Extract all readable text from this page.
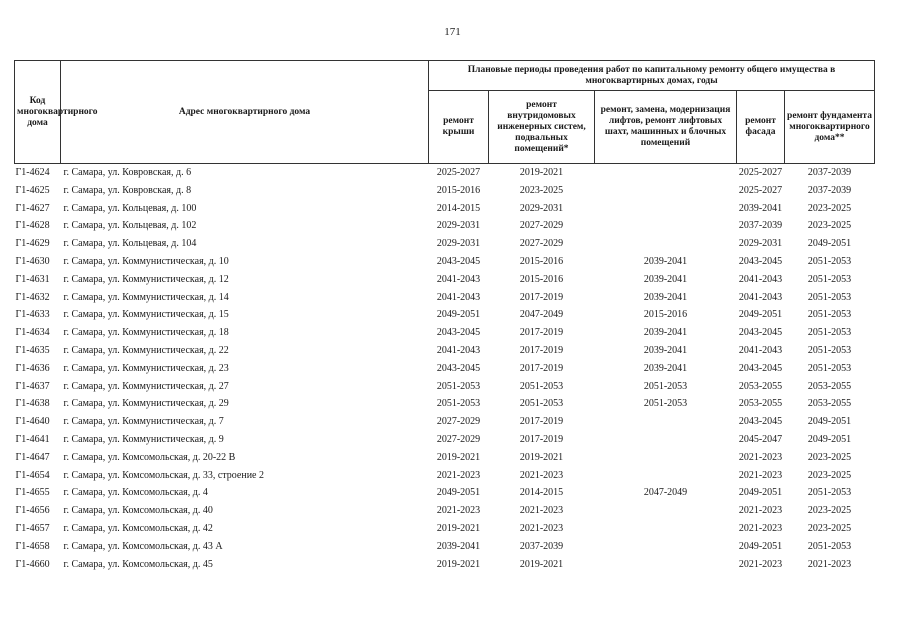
171
Код многоквартирного дома	Адрес многоквартирного дома	Плановые периоды проведения работ по капитальному ремонту общего имущества в многоквартирных домах, годы				
		ремонт крыши	ремонт внутридомовых инженерных систем, подвальных помещений*	ремонт, замена, модернизация лифтов, ремонт лифтовых шахт, машинных и блочных помещений	ремонт фасада	ремонт фундамента многоквартирного дома**
Г1-4624	г. Самара, ул. Ковровская, д. 6	2025-2027	2019-2021		2025-2027	2037-2039
Г1-4625	г. Самара, ул. Ковровская, д. 8	2015-2016	2023-2025		2025-2027	2037-2039
Г1-4627	г. Самара, ул. Кольцевая, д. 100	2014-2015	2029-2031		2039-2041	2023-2025
Г1-4628	г. Самара, ул. Кольцевая, д. 102	2029-2031	2027-2029		2037-2039	2023-2025
Г1-4629	г. Самара, ул. Кольцевая, д. 104	2029-2031	2027-2029		2029-2031	2049-2051
Г1-4630	г. Самара, ул. Коммунистическая, д. 10	2043-2045	2015-2016	2039-2041	2043-2045	2051-2053
Г1-4631	г. Самара, ул. Коммунистическая, д. 12	2041-2043	2015-2016	2039-2041	2041-2043	2051-2053
Г1-4632	г. Самара, ул. Коммунистическая, д. 14	2041-2043	2017-2019	2039-2041	2041-2043	2051-2053
Г1-4633	г. Самара, ул. Коммунистическая, д. 15	2049-2051	2047-2049	2015-2016	2049-2051	2051-2053
Г1-4634	г. Самара, ул. Коммунистическая, д. 18	2043-2045	2017-2019	2039-2041	2043-2045	2051-2053
Г1-4635	г. Самара, ул. Коммунистическая, д. 22	2041-2043	2017-2019	2039-2041	2041-2043	2051-2053
Г1-4636	г. Самара, ул. Коммунистическая, д. 23	2043-2045	2017-2019	2039-2041	2043-2045	2051-2053
Г1-4637	г. Самара, ул. Коммунистическая, д. 27	2051-2053	2051-2053	2051-2053	2053-2055	2053-2055
Г1-4638	г. Самара, ул. Коммунистическая, д. 29	2051-2053	2051-2053	2051-2053	2053-2055	2053-2055
Г1-4640	г. Самара, ул. Коммунистическая, д. 7	2027-2029	2017-2019		2043-2045	2049-2051
Г1-4641	г. Самара, ул. Коммунистическая, д. 9	2027-2029	2017-2019		2045-2047	2049-2051
Г1-4647	г. Самара, ул. Комсомольская, д. 20-22 В	2019-2021	2019-2021		2021-2023	2023-2025
Г1-4654	г. Самара, ул. Комсомольская, д. 33, строение 2	2021-2023	2021-2023		2021-2023	2023-2025
Г1-4655	г. Самара, ул. Комсомольская, д. 4	2049-2051	2014-2015	2047-2049	2049-2051	2051-2053
Г1-4656	г. Самара, ул. Комсомольская, д. 40	2021-2023	2021-2023		2021-2023	2023-2025
Г1-4657	г. Самара, ул. Комсомольская, д. 42	2019-2021	2021-2023		2021-2023	2023-2025
Г1-4658	г. Самара, ул. Комсомольская, д. 43 А	2039-2041	2037-2039		2049-2051	2051-2053
Г1-4660	г. Самара, ул. Комсомольская, д. 45	2019-2021	2019-2021		2021-2023	2021-2023
